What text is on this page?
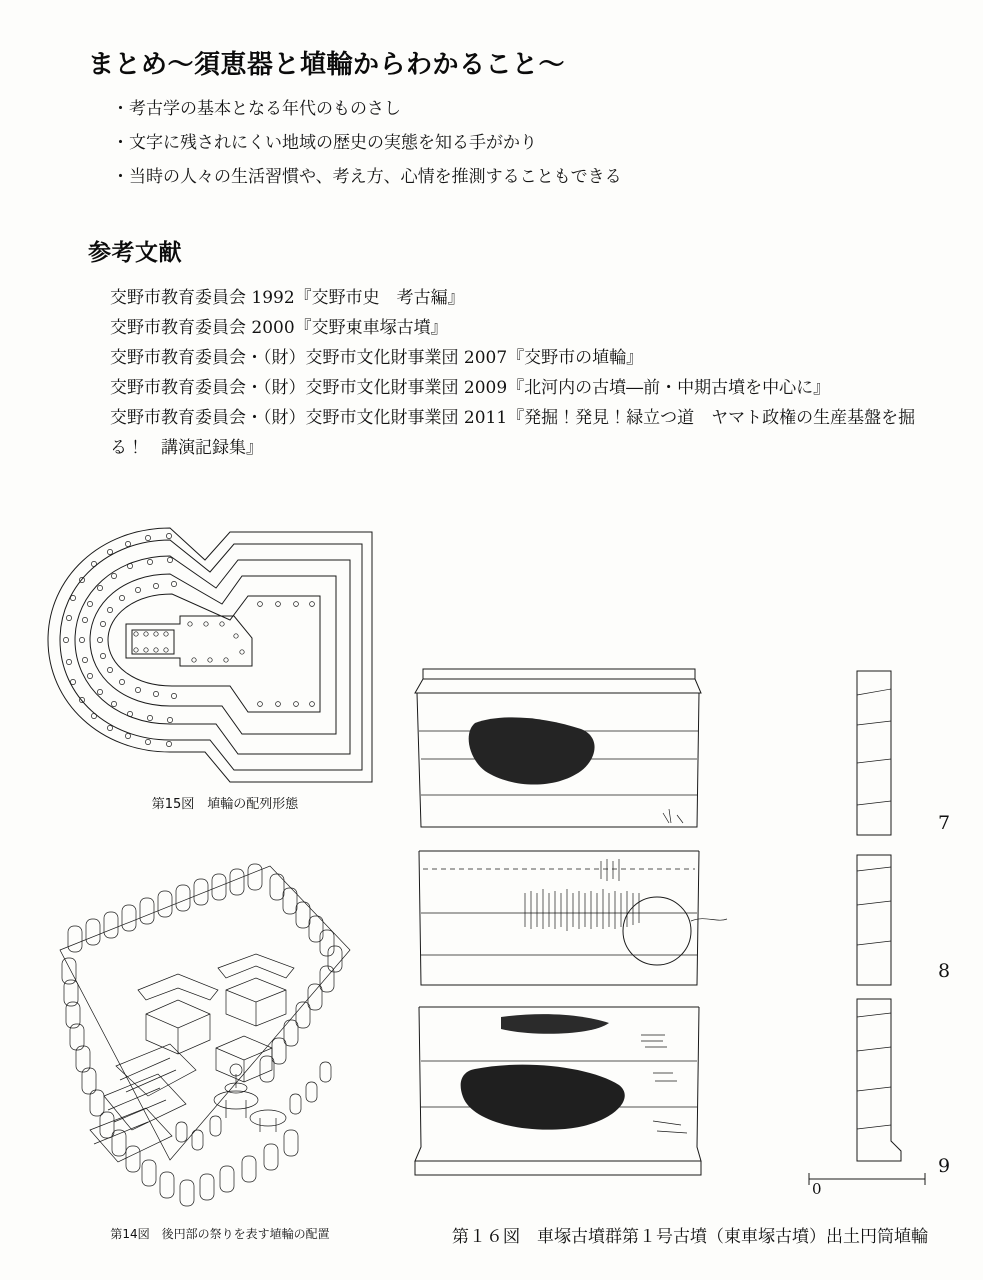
まとめ～須恵器と埴輪からわかること～
・考古学の基本となる年代のものさし
・文字に残されにくい地域の歴史の実態を知る手がかり
・当時の人々の生活習慣や、考え方、心情を推測することもできる
参考文献
交野市教育委員会 1992『交野市史　考古編』
交野市教育委員会 2000『交野東車塚古墳』
交野市教育委員会・（財）交野市文化財事業団 2007『交野市の埴輪』
交野市教育委員会・（財）交野市文化財事業団 2009『北河内の古墳―前・中期古墳を中心に』
交野市教育委員会・（財）交野市文化財事業団 2011『発掘！発見！緑立つ道　ヤマト政権の生産基盤を掘る！　講演記録集』
第15図　埴輪の配列形態
第14図　後円部の祭りを表す埴輪の配置
7
8
9
0
第１６図　車塚古墳群第１号古墳（東車塚古墳）出土円筒埴輪
